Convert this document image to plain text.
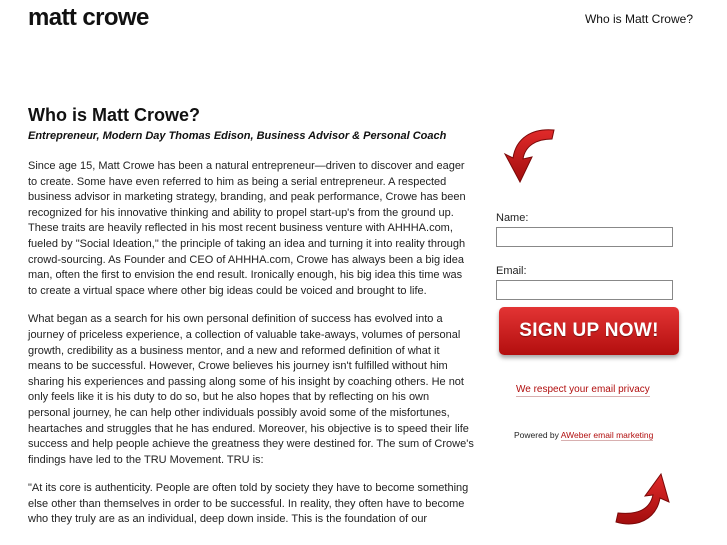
matt crowe	Who is Matt Crowe?
Who is Matt Crowe?

Entrepreneur, Modern Day Thomas Edison, Business Advisor & Personal Coach

Since age 15, Matt Crowe has been a natural entrepreneur—driven to discover and eager to create. Some have even referred to him as being a serial entrepreneur. A respected business advisor in marketing strategy, branding, and peak performance, Crowe has been recognized for his innovative thinking and ability to propel start-up's from the ground up. These traits are heavily reflected in his most recent business venture with AHHHA.com, fueled by "Social Ideation," the principle of taking an idea and turning it into reality through crowd-sourcing. As Founder and CEO of AHHHA.com, Crowe has always been a big idea man, often the first to envision the end result. Ironically enough, his big idea this time was to create a virtual space where other big ideas could be voiced and brought to life.

What began as a search for his own personal definition of success has evolved into a journey of priceless experience, a collection of valuable take-aways, volumes of personal growth, credibility as a business mentor, and a new and reformed definition of what it means to be successful. However, Crowe believes his journey isn't fulfilled without him sharing his experiences and passing along some of his insight by coaching others. He not only feels like it is his duty to do so, but he also hopes that by reflecting on his own personal journey, he can help other individuals possibly avoid some of the misfortunes, heartaches and struggles that he has endured. Moreover, his objective is to speed their life success and help people achieve the greatness they were destined for. The sum of Crowe's findings have led to the TRU Movement. TRU is:

"At its core is authenticity. People are often told by society they have to become something else other than themselves in order to be successful. In reality, they often have to become who they truly are as an individual, deep down inside. This is the foundation of our

Name:
Email:
SIGN UP NOW!
We respect your email privacy
Powered by AWeber email marketing
